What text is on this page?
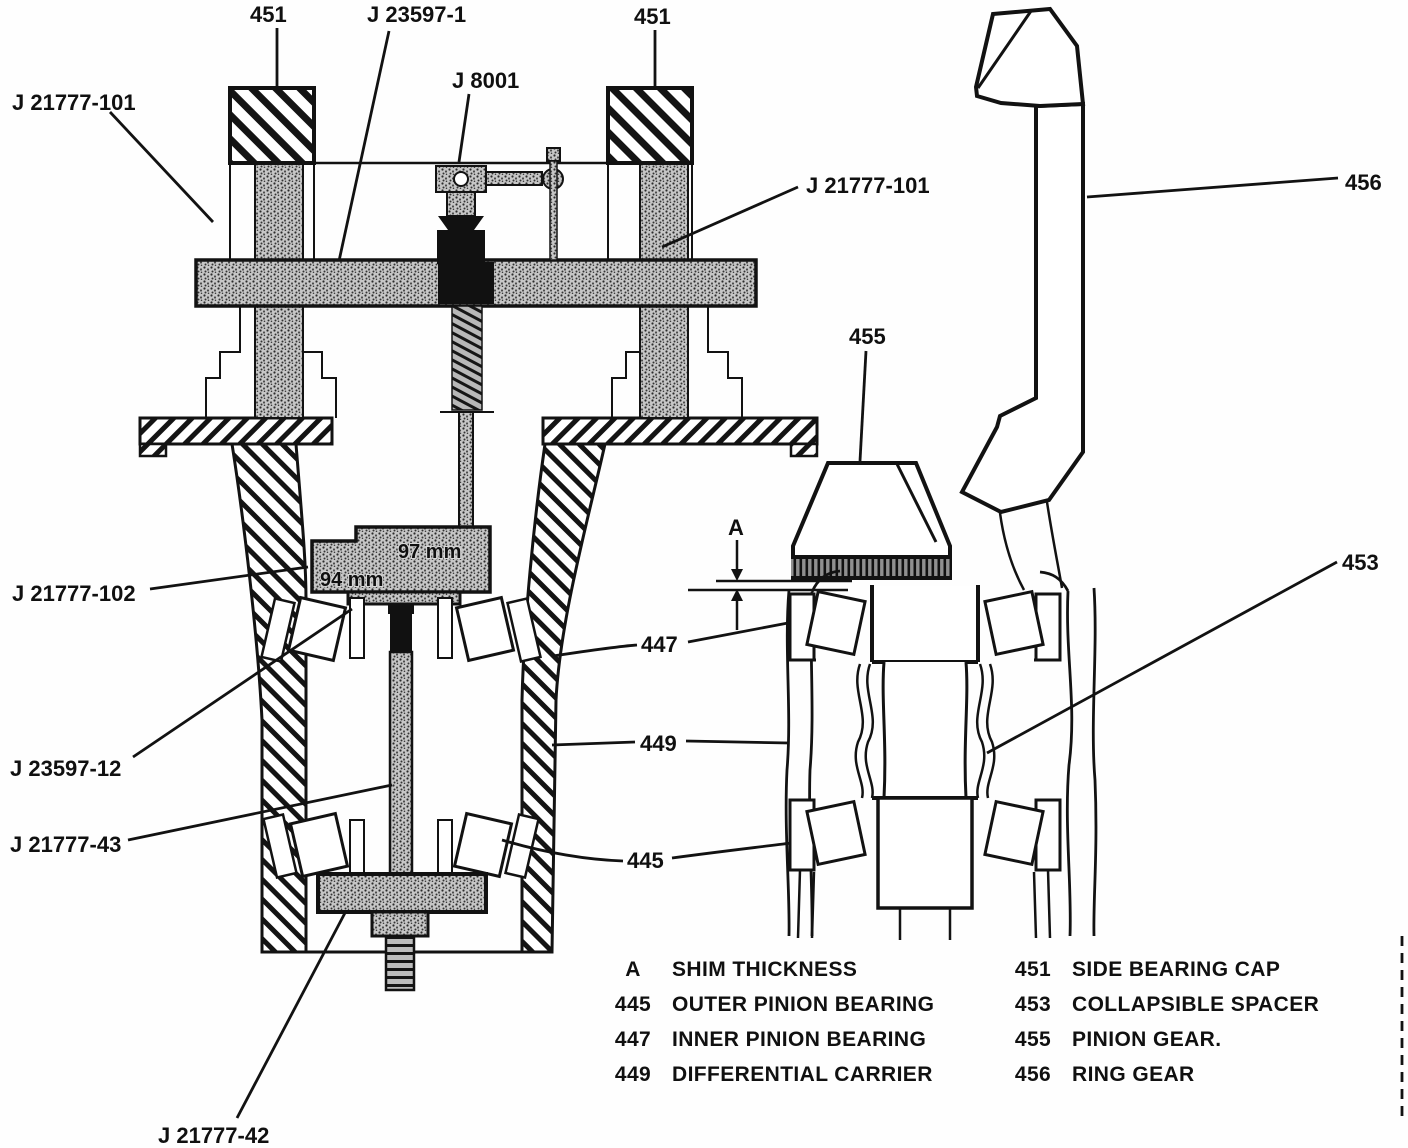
451	J 23597-1	451
J 8001
J 21777-101
J 21777-101	456
455
J 21777-102
447
453
449
J 23597-12
J 21777-43
445
J 21777-42
A
97 mm
94 mm
A	SHIM THICKNESS
445 OUTER PINION BEARING
447 INNER PINION BEARING
449 DIFFERENTIAL CARRIER
451 SIDE BEARING CAP
453 COLLAPSIBLE SPACER
455 PINION GEAR.
456 RING GEAR
